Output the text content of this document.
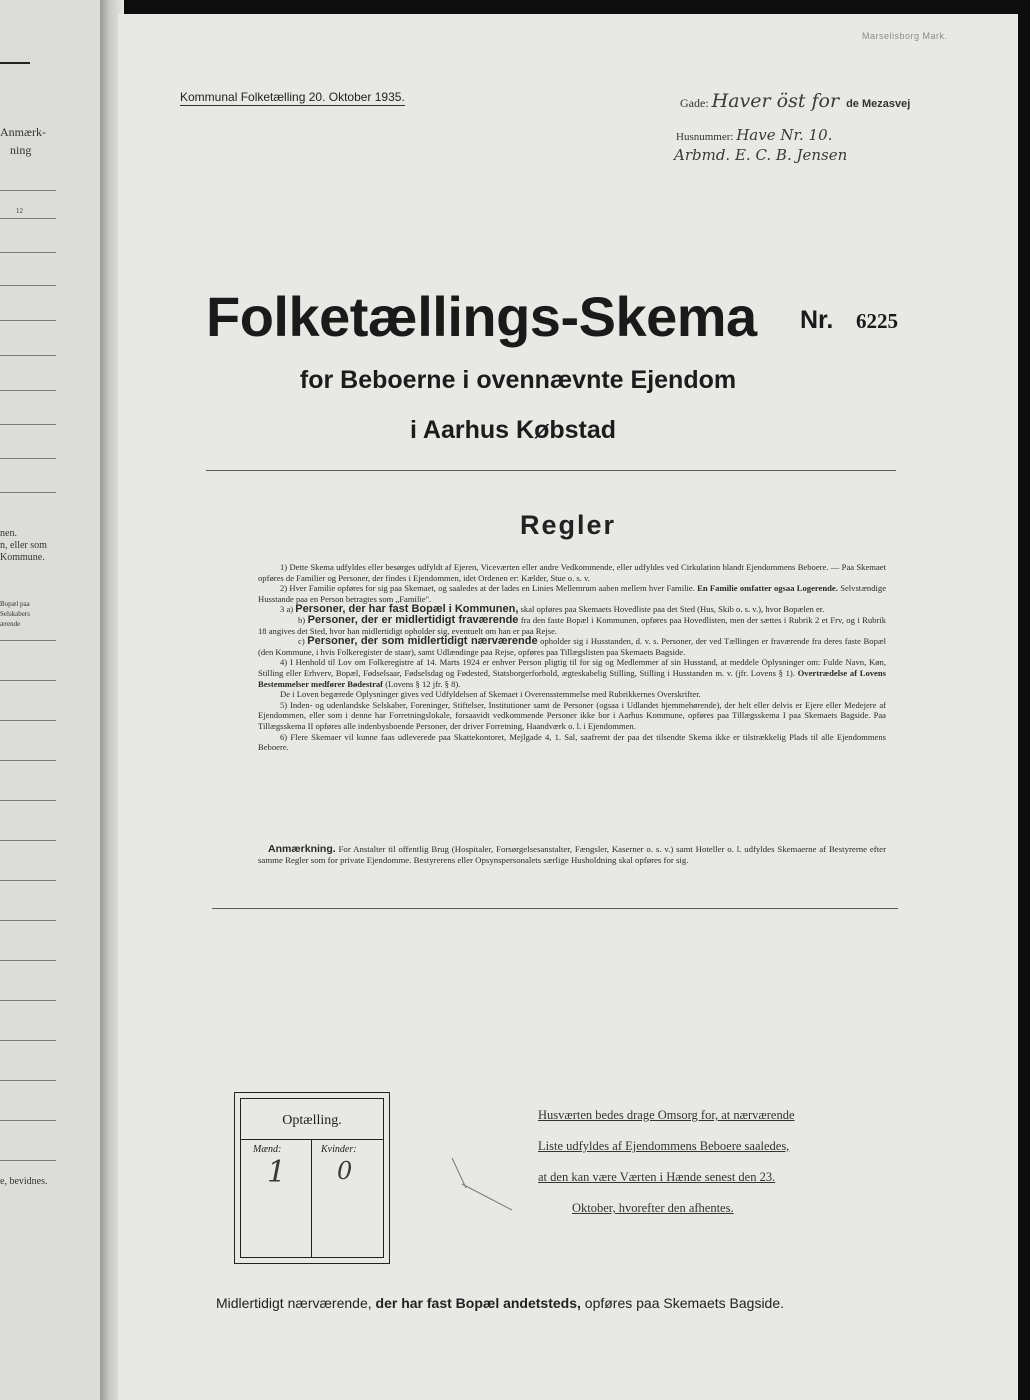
Anmærk-
ning
12
nen.
n, eller som
Kommune.
Bopæl paa
Selskabers
ærende
e, bevidnes.
Marselisborg Mark.
Kommunal Folketælling 20. Oktober 1935.	Gade: Haver öst for de Mezasvej
Husnummer: Have Nr. 10.
Arbmd. E. C. B. Jensen
Folketællings-Skema Nr. 6225
for Beboerne i ovennævnte Ejendom
i Aarhus Købstad
Regler

1) Dette Skema udfyldes eller besørges udfyldt af Ejeren, Viceværten eller andre Vedkommende, eller udfyldes ved Cirkulation blandt Ejendommens Beboere. — Paa Skemaet opføres de Familier og Personer, der findes i Ejendommen, idet Ordenen er: Kælder, Stue o. s. v.

2) Hver Familie opføres for sig paa Skemaet, og saaledes at der lades en Linies Mellemrum aaben mellem hver Familie. En Familie omfatter ogsaa Logerende. Selvstændige Husstande paa en Person betragtes som „Familie".

3 a) Personer, der har fast Bopæl i Kommunen, skal opføres paa Skemaets Hovedliste paa det Sted (Hus, Skib o. s. v.), hvor Bopælen er.

b) Personer, der er midlertidigt fraværende fra den faste Bopæl i Kommunen, opføres paa Hovedlisten, men der sættes i Rubrik 2 et Frv, og i Rubrik 18 angives det Sted, hvor han midlertidigt opholder sig, eventuelt om han er paa Rejse.

c) Personer, der som midlertidigt nærværende opholder sig i Husstanden, d. v. s. Personer, der ved Tællingen er fraværende fra deres faste Bopæl (den Kommune, i hvis Folkeregister de staar), samt Udlændinge paa Rejse, opføres paa Tillægslisten paa Skemaets Bagside.

4) I Henhold til Lov om Folkeregistre af 14. Marts 1924 er enhver Person pligtig til for sig og Medlemmer af sin Husstand, at meddele Oplysninger om: Fulde Navn, Køn, Stilling eller Erhverv, Bopæl, Fødselsaar, Fødselsdag og Fødested, Statsborgerforhold, ægteskabelig Stilling, Stilling i Husstanden m. v. (jfr. Lovens § 1). Overtrædelse af Lovens Bestemmelser medfører Bødestraf (Lovens § 12 jfr. § 8).

De i Loven begærede Oplysninger gives ved Udfyldelsen af Skemaet i Overensstemmelse med Rubrikkernes Overskrifter.

5) Inden- og udenlandske Selskaber, Foreninger, Stiftelser, Institutioner samt de Personer (ogsaa i Udlandet hjemmehørende), der helt eller delvis er Ejere eller Medejere af Ejendommen, eller som i denne har Forretningslokale, forsaavidt vedkommende Personer ikke bor i Aarhus Kommune, opføres paa Tillægsskema I paa Skemaets Bagside. Paa Tillægsskema II opføres alle indenbysboende Personer, der driver Forretning, Haandværk o. l. i Ejendommen.

6) Flere Skemaer vil kunne faas udleverede paa Skattekontoret, Mejlgade 4, 1. Sal, saafremt der paa det tilsendte Skema ikke er tilstrækkelig Plads til alle Ejendommens Beboere.

Anmærkning. For Anstalter til offentlig Brug (Hospitaler, Forsørgelsesanstalter, Fængsler, Kaserner o. s. v.) samt Hoteller o. l. udfyldes Skemaerne af Bestyrerne efter samme Regler som for private Ejendomme. Bestyrerens eller Opsynspersonalets særlige Husholdning skal opføres for sig.
Optælling.
Mænd:	Kvinder:
1 0
Husværten bedes drage Omsorg for, at nærværende
Liste udfyldes af Ejendommens Beboere saaledes,
at den kan være Værten i Hænde senest den 23.
Oktober, hvorefter den afhentes.
Midlertidigt nærværende, der har fast Bopæl andetsteds, opføres paa Skemaets Bagside.
